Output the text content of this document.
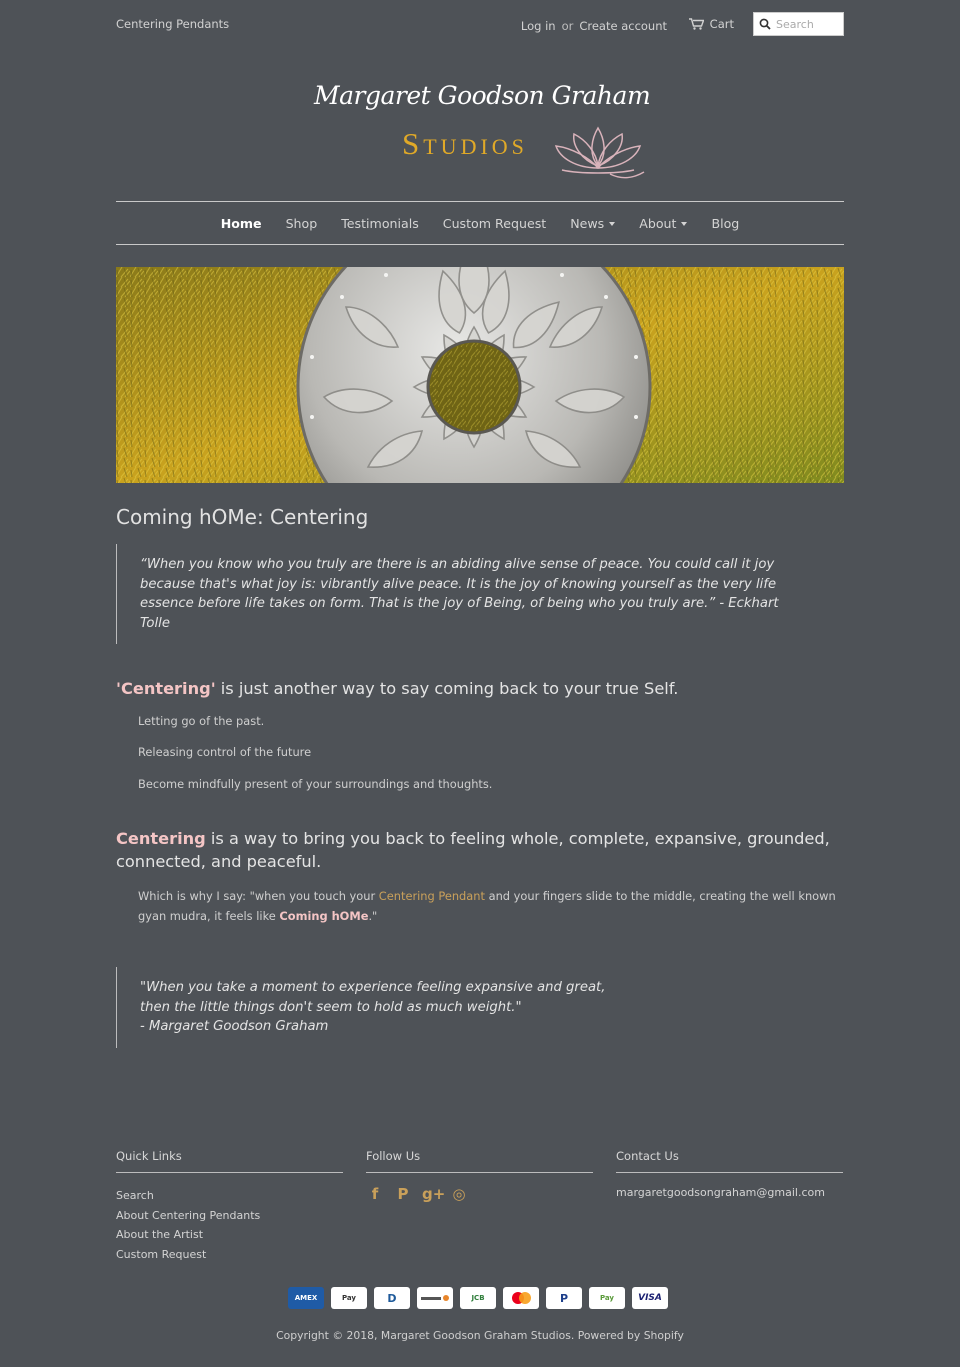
Centering Pendants	Log in or Create account	Cart
Search
Margaret Goodson Graham
Studios
Home	Shop	Testimonials	Custom Request	News	About	Blog
Coming hOMe: Centering

“When you know who you truly are there is an abiding alive sense of peace. You could call it joy because that's what joy is: vibrantly alive peace. It is the joy of knowing yourself as the very life essence before life takes on form. That is the joy of Being, of being who you truly are.” - Eckhart Tolle

'Centering' is just another way to say coming back to your true Self.

Letting go of the past.

Releasing control of the future

Become mindfully present of your surroundings and thoughts.

Centering is a way to bring you back to feeling whole, complete, expansive, grounded, connected, and peaceful.

Which is why I say: "when you touch your Centering Pendant and your fingers slide to the middle, creating the well known gyan mudra, it feels like Coming hOMe."

"When you take a moment to experience feeling expansive and great,
then the little things don't seem to hold as much weight."
- Margaret Goodson Graham

Quick Links
Search
About Centering Pendants
About the Artist
Custom Request
Follow Us
f	P g+ ◎
Contact Us

margaretgoodsongraham@gmail.com

AMEX	Pay	D	JCB	P	Pay	VISA

Copyright © 2018, Margaret Goodson Graham Studios. Powered by Shopify
